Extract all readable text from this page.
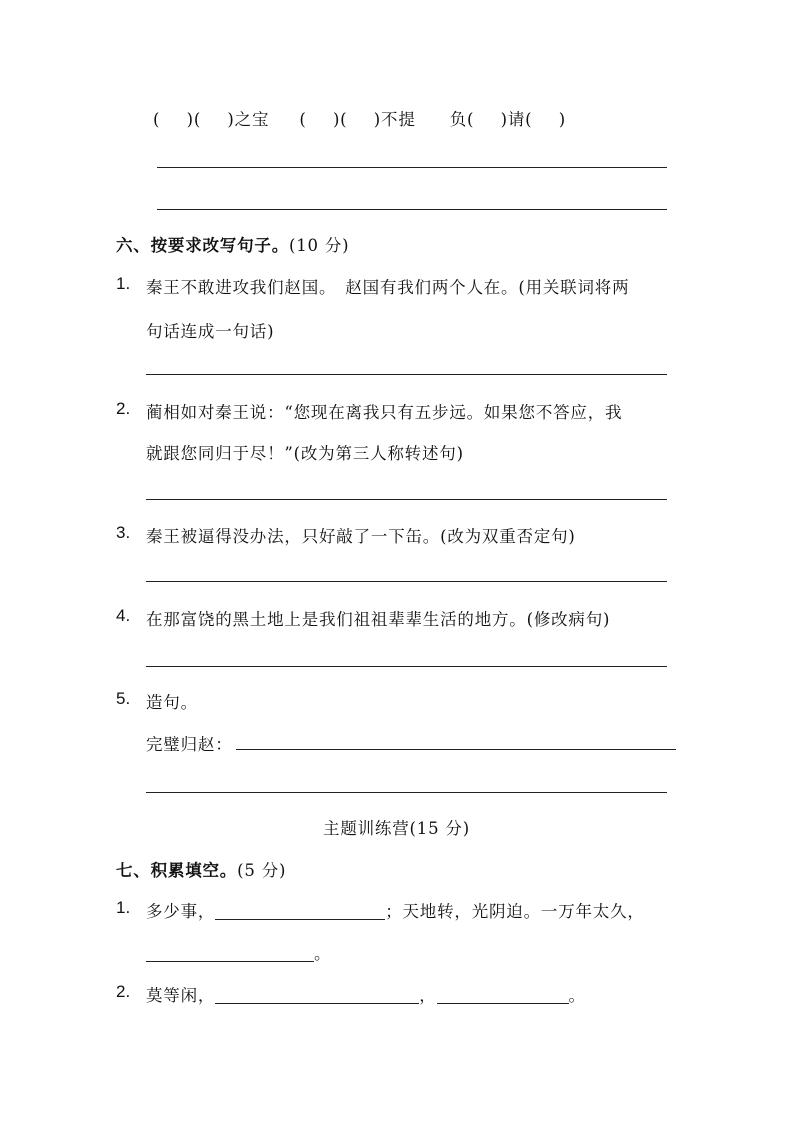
(  )(  )之宝 (  )(  )不提 负(  )请(  )
六、按要求改写句子。(10 分)
1. 秦王不敢进攻我们赵国。　赵国有我们两个人在。(用关联词将两
句话连成一句话)
2. 蔺相如对秦王说：“您现在离我只有五步远。如果您不答应，我
就跟您同归于尽！”(改为第三人称转述句)
3. 秦王被逼得没办法，只好敲了一下缶。(改为双重否定句)
4. 在那富饶的黑土地上是我们祖祖辈辈生活的地方。(修改病句)
5. 造句。
完璧归赵：
主题训练营(15 分)
七、积累填空。(5 分)
1. 多少事，	；天地转，光阴迫。一万年太久，
。
2. 莫等闲，	，	。
